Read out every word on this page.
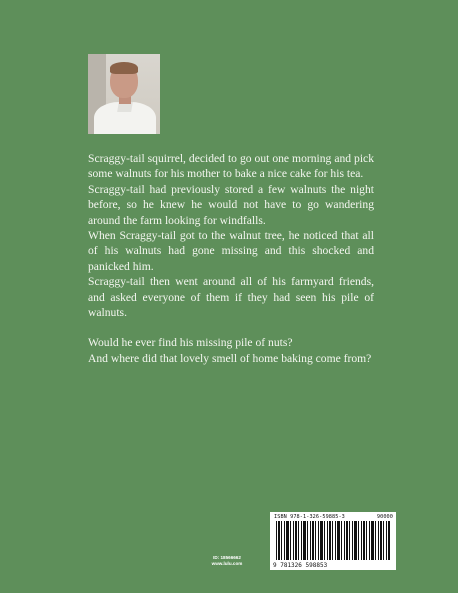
Scraggy-tail squirrel, decided to go out one morning and pick some walnuts for his mother to bake a nice cake for his tea.

Scraggy-tail had previously stored a few walnuts the night before, so he knew he would not have to go wandering around the farm looking for windfalls.

When Scraggy-tail got to the walnut tree, he noticed that all of his walnuts had gone missing and this shocked and panicked him.

Scraggy-tail then went around all of his farmyard friends, and asked everyone of them if they had seen his pile of walnuts.

Would he ever find his missing pile of nuts?

And where did that lovely smell of home baking come from?

ISBN 978-1-326-59885-3	90000
9 781326 598853
ID: 18566662
www.lulu.com
